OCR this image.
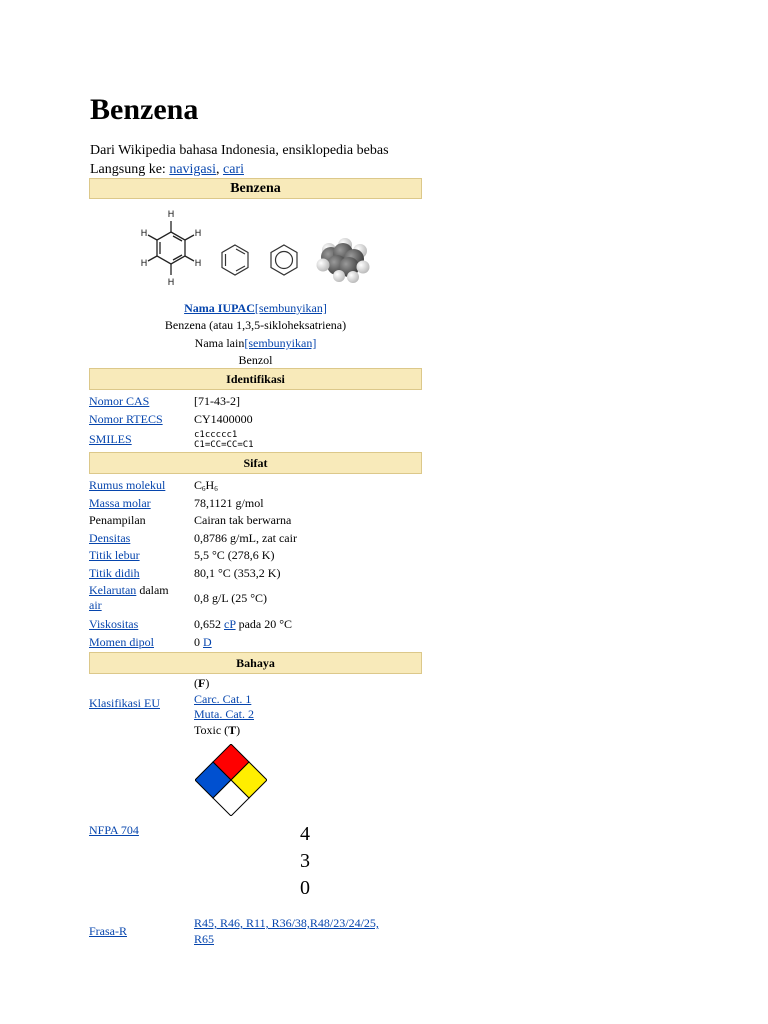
Benzena
Dari Wikipedia bahasa Indonesia, ensiklopedia bebas
Langsung ke: navigasi, cari
Benzena
H
H
H
H
H
H
Nama IUPAC[sembunyikan]
Benzena (atau 1,3,5-sikloheksatriena)
Nama lain[sembunyikan]
Benzol
Identifikasi
Nomor CAS	[71-43-2]
Nomor RTECS	CY1400000
SMILES	c1ccccc1
C1=CC=CC=C1
Sifat
Rumus molekul $C_6H_6$
Massa molar	78,1121 g/mol
Penampilan	Cairan tak berwarna
Densitas	0,8786 g/mL, zat cair
Titik lebur	5,5 °C (278,6 K)
Titik didih	80,1 °C (353,2 K)
Kelarutan dalam
air	0,8 g/L (25 °C)
Viskositas	0,652 cP pada 20 °C
Momen dipol	0 D
Bahaya
Klasifikasi EU
(F)
Carc. Cat. 1
Muta. Cat. 2
Toxic (T)
NFPA 704	4
3
0
Frasa-R
R45, R46, R11, R36/38,R48/23/24/25,
R65
